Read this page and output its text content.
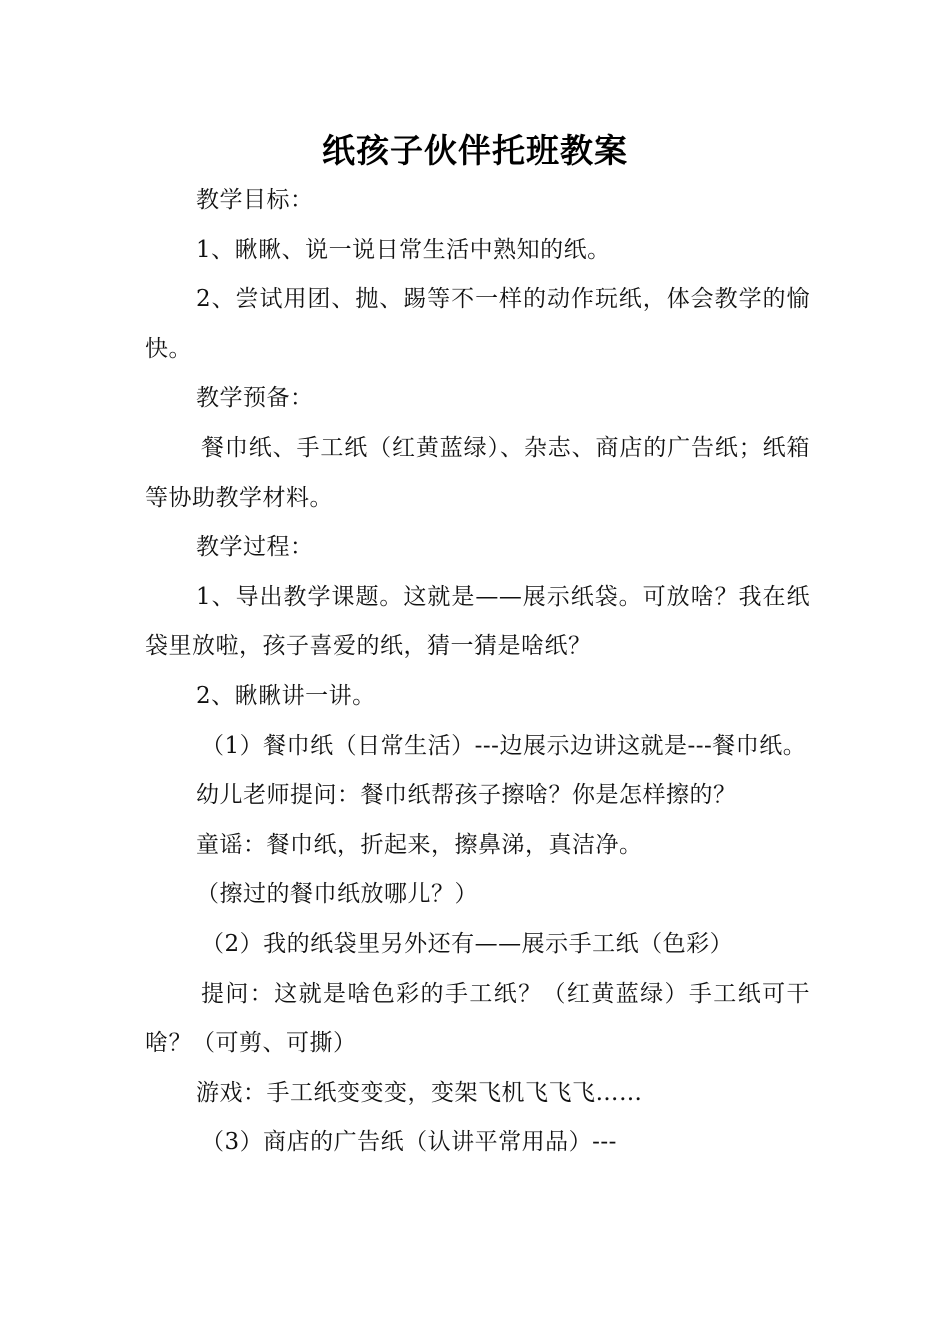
纸孩子伙伴托班教案

教学目标：

1、瞅瞅、说一说日常生活中熟知的纸。

2、尝试用团、抛、踢等不一样的动作玩纸，体会教学的愉快。

教学预备：

餐巾纸、手工纸（红黄蓝绿）、杂志、商店的广告纸；纸箱等协助教学材料。

教学过程：

1、导出教学课题。这就是——展示纸袋。可放啥？我在纸袋里放啦，孩子喜爱的纸，猜一猜是啥纸？

2、瞅瞅讲一讲。

（1）餐巾纸（日常生活）---边展示边讲这就是---餐巾纸。

幼儿老师提问：餐巾纸帮孩子擦啥？你是怎样擦的？

童谣：餐巾纸，折起来，擦鼻涕，真洁净。

（擦过的餐巾纸放哪儿？）

（2）我的纸袋里另外还有——展示手工纸（色彩）

提问：这就是啥色彩的手工纸？（红黄蓝绿）手工纸可干啥？（可剪、可撕）

游戏：手工纸变变变，变架飞机飞飞飞……

（3）商店的广告纸（认讲平常用品）---
